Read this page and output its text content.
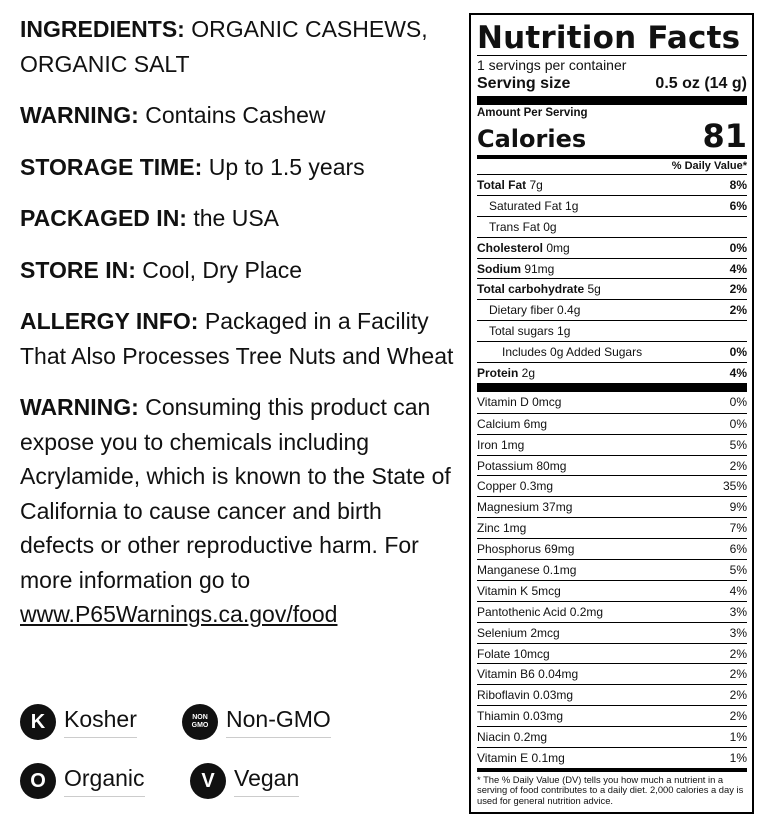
INGREDIENTS: ORGANIC CASHEWS, ORGANIC SALT

WARNING: Contains Cashew

STORAGE TIME: Up to 1.5 years

PACKAGED IN: the USA

STORE IN: Cool, Dry Place

ALLERGY INFO: Packaged in a Facility That Also Processes Tree Nuts and Wheat

WARNING: Consuming this product can expose you to chemicals including Acrylamide, which is known to the State of California to cause cancer and birth defects or other reproductive harm. For more information go to www.P65Warnings.ca.gov/food

K Kosher	NON
GMO Non-GMO
O Organic	V Vegan
Nutrition Facts
1 servings per container
Serving size	0.5 oz (14 g)
Amount Per Serving
Calories	81
% Daily Value*
Total Fat 7g	8%
Saturated Fat 1g	6%
Trans Fat 0g
Cholesterol 0mg	0%
Sodium 91mg	4%
Total carbohydrate 5g	2%
Dietary fiber 0.4g	2%
Total sugars 1g
Includes 0g Added Sugars	0%
Protein 2g	4%
Vitamin D 0mcg	0%
Calcium 6mg	0%
Iron 1mg	5%
Potassium 80mg	2%
Copper 0.3mg	35%
Magnesium 37mg	9%
Zinc 1mg	7%
Phosphorus 69mg	6%
Manganese 0.1mg	5%
Vitamin K 5mcg	4%
Pantothenic Acid 0.2mg	3%
Selenium 2mcg	3%
Folate 10mcg	2%
Vitamin B6 0.04mg	2%
Riboflavin 0.03mg	2%
Thiamin 0.03mg	2%
Niacin 0.2mg	1%
Vitamin E 0.1mg	1%
* The % Daily Value (DV) tells you how much a nutrient in a serving of food contributes to a daily diet. 2,000 calories a day is used for general nutrition advice.
